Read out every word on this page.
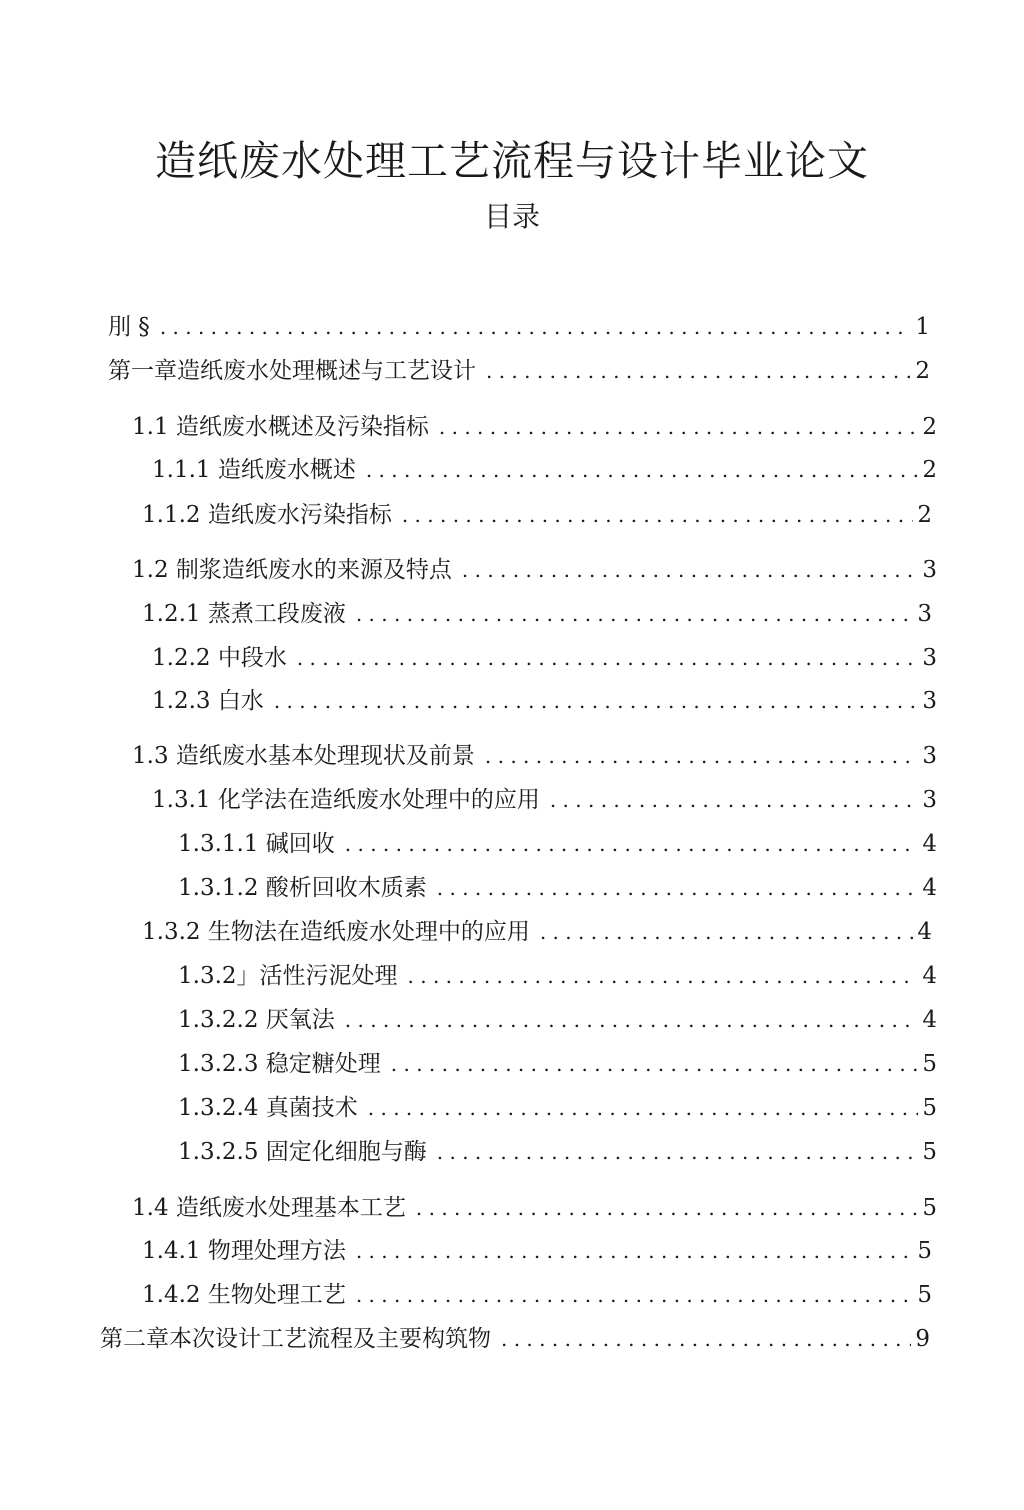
造纸废水处理工艺流程与设计毕业论文
目录
刖 § . . .	1
第一章造纸废水处理概述与工艺设计 . . .	2
1.1 造纸废水概述及污染指标 . . .	2
1.1.1 造纸废水概述 . . .	2
1.1.2 造纸废水污染指标 . . .	2
1.2 制浆造纸废水的来源及特点 . . .	3
1.2.1 蒸煮工段废液 . . .	3
1.2.2 中段水 . . .	3
1.2.3 白水 . . .	3
1.3 造纸废水基本处理现状及前景 . . .	3
1.3.1 化学法在造纸废水处理中的应用 . . .	3
1.3.1.1 碱回收 . . .	4
1.3.1.2 酸析回收木质素 . . .	4
1.3.2 生物法在造纸废水处理中的应用 . . .	4
1.3.2」活性污泥处理 . . .	4
1.3.2.2 厌氧法 . . .	4
1.3.2.3 稳定糖处理 . . .	5
1.3.2.4 真菌技术 . . .	5
1.3.2.5 固定化细胞与酶 . . .	5
1.4 造纸废水处理基本工艺 . . .	5
1.4.1 物理处理方法 . . .	5
1.4.2 生物处理工艺 . . .	5
第二章本次设计工艺流程及主要构筑物 . . .	9
